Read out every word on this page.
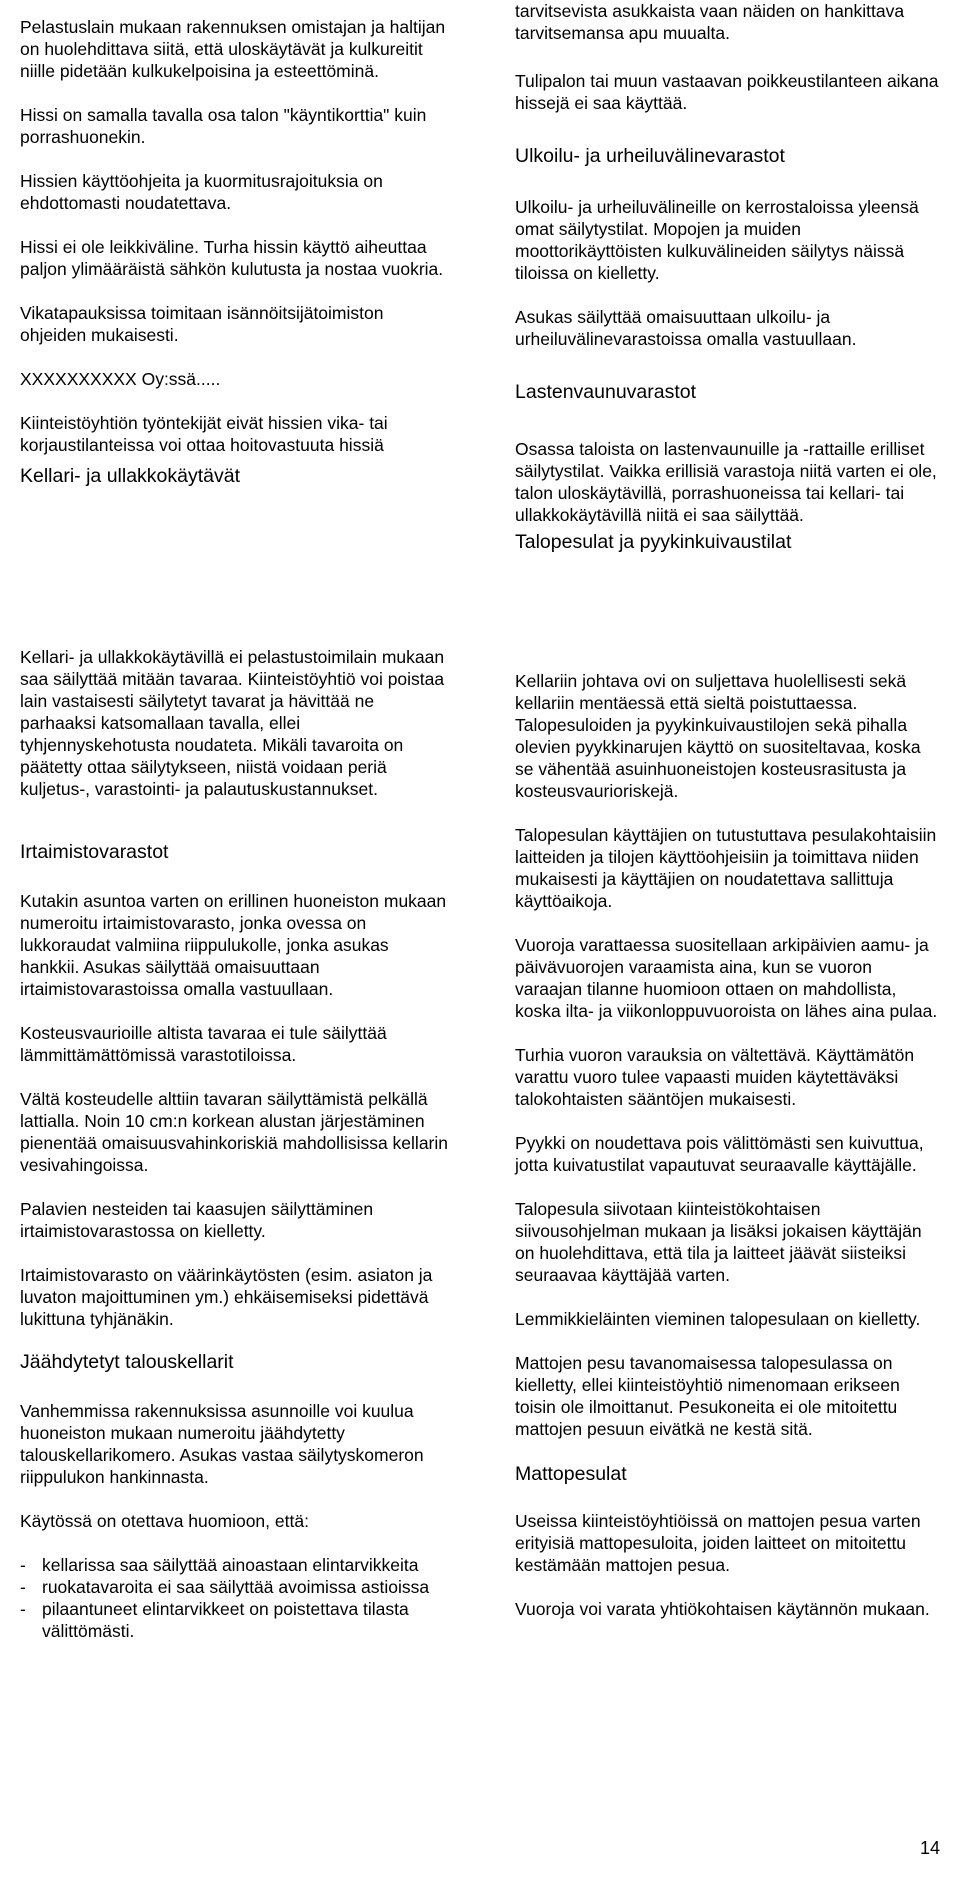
Pelastuslain mukaan rakennuksen omistajan ja haltijan on huolehdittava siitä, että uloskäytävät ja kulkureitit niille pidetään kulkukelpoisina ja esteettöminä.

Hissi on samalla tavalla osa talon "käyntikorttia" kuin porrashuonekin.

Hissien käyttöohjeita ja kuormitusrajoituksia on ehdottomasti noudatettava.

Hissi ei ole leikkiväline. Turha hissin käyttö aiheuttaa paljon ylimääräistä sähkön kulutusta ja nostaa vuokria.

Vikatapauksissa toimitaan isännöitsijätoimiston ohjeiden mukaisesti.

XXXXXXXXXX Oy:ssä.....

Kiinteistöyhtiön työntekijät eivät hissien vika- tai korjaustilanteissa voi ottaa hoitovastuuta hissiä

Kellari- ja ullakkokäytävät

tarvitsevista asukkaista vaan näiden on hankittava tarvitsemansa apu muualta.

Tulipalon tai muun vastaavan poikkeustilanteen aikana hissejä ei saa käyttää.

Ulkoilu- ja urheiluvälinevarastot

Ulkoilu- ja urheiluvälineille on kerrostaloissa yleensä omat säilytystilat. Mopojen ja muiden moottorikäyttöisten kulkuvälineiden säilytys näissä tiloissa on kielletty.

Asukas säilyttää omaisuuttaan ulkoilu- ja urheiluvälinevarastoissa omalla vastuullaan.

Lastenvaunuvarastot

Osassa taloista on lastenvaunuille ja -rattaille erilliset säilytystilat. Vaikka erillisiä varastoja niitä varten ei ole, talon uloskäytävillä, porrashuoneissa tai kellari- tai ullakkokäytävillä niitä ei saa säilyttää.

Talopesulat ja pyykinkuivaustilat

Kellari- ja ullakkokäytävillä ei pelastustoimilain mukaan saa säilyttää mitään tavaraa. Kiinteistöyhtiö voi poistaa lain vastaisesti säilytetyt tavarat ja hävittää ne parhaaksi katsomallaan tavalla, ellei tyhjennyskehotusta noudateta. Mikäli tavaroita on päätetty ottaa säilytykseen, niistä voidaan periä kuljetus-, varastointi- ja palautuskustannukset.

Irtaimistovarastot

Kutakin asuntoa varten on erillinen huoneiston mukaan numeroitu irtaimistovarasto, jonka ovessa on lukkoraudat valmiina riippulukolle, jonka asukas hankkii. Asukas säilyttää omaisuuttaan irtaimistovarastoissa omalla vastuullaan.

Kosteusvaurioille altista tavaraa ei tule säilyttää lämmittämättömissä varastotiloissa.

Vältä kosteudelle alttiin tavaran säilyttämistä pelkällä lattialla. Noin 10 cm:n korkean alustan järjestäminen pienentää omaisuusvahinkoriskiä mahdollisissa kellarin vesivahingoissa.

Palavien nesteiden tai kaasujen säilyttäminen irtaimistovarastossa on kielletty.

Irtaimistovarasto on väärinkäytösten (esim. asiaton ja luvaton majoittuminen ym.) ehkäisemiseksi pidettävä lukittuna tyhjänäkin.

Jäähdytetyt talouskellarit

Vanhemmissa rakennuksissa asunnoille voi kuulua huoneiston mukaan numeroitu jäähdytetty talouskellarikomero. Asukas vastaa säilytyskomeron riippulukon hankinnasta.

Käytössä on otettava huomioon, että:

- kellarissa saa säilyttää ainoastaan elintarvikkeita
- ruokatavaroita ei saa säilyttää avoimissa astioissa
- pilaantuneet elintarvikkeet on poistettava tilasta välittömästi.

Kellariin johtava ovi on suljettava huolellisesti sekä kellariin mentäessä että sieltä poistuttaessa. Talopesuloiden ja pyykinkuivaustilojen sekä pihalla olevien pyykkinarujen käyttö on suositeltavaa, koska se vähentää asuinhuoneistojen kosteusrasitusta ja kosteusvaurioriskejä.

Talopesulan käyttäjien on tutustuttava pesulakohtaisiin laitteiden ja tilojen käyttöohjeisiin ja toimittava niiden mukaisesti ja käyttäjien on noudatettava sallittuja käyttöaikoja.

Vuoroja varattaessa suositellaan arkipäivien aamu- ja päivävuorojen varaamista aina, kun se vuoron varaajan tilanne huomioon ottaen on mahdollista, koska ilta- ja viikonloppuvuoroista on lähes aina pulaa.

Turhia vuoron varauksia on vältettävä. Käyttämätön varattu vuoro tulee vapaasti muiden käytettäväksi talokohtaisten sääntöjen mukaisesti.

Pyykki on noudettava pois välittömästi sen kuivuttua, jotta kuivatustilat vapautuvat seuraavalle käyttäjälle.

Talopesula siivotaan kiinteistökohtaisen siivousohjelman mukaan ja lisäksi jokaisen käyttäjän on huolehdittava, että tila ja laitteet jäävät siisteiksi seuraavaa käyttäjää varten.

Lemmikkieläinten vieminen talopesulaan on kielletty.

Mattojen pesu tavanomaisessa talopesulassa on kielletty, ellei kiinteistöyhtiö nimenomaan erikseen toisin ole ilmoittanut. Pesukoneita ei ole mitoitettu mattojen pesuun eivätkä ne kestä sitä.

Mattopesulat

Useissa kiinteistöyhtiöissä on mattojen pesua varten erityisiä mattopesuloita, joiden laitteet on mitoitettu kestämään mattojen pesua.

Vuoroja voi varata yhtiökohtaisen käytännön mukaan.

14
